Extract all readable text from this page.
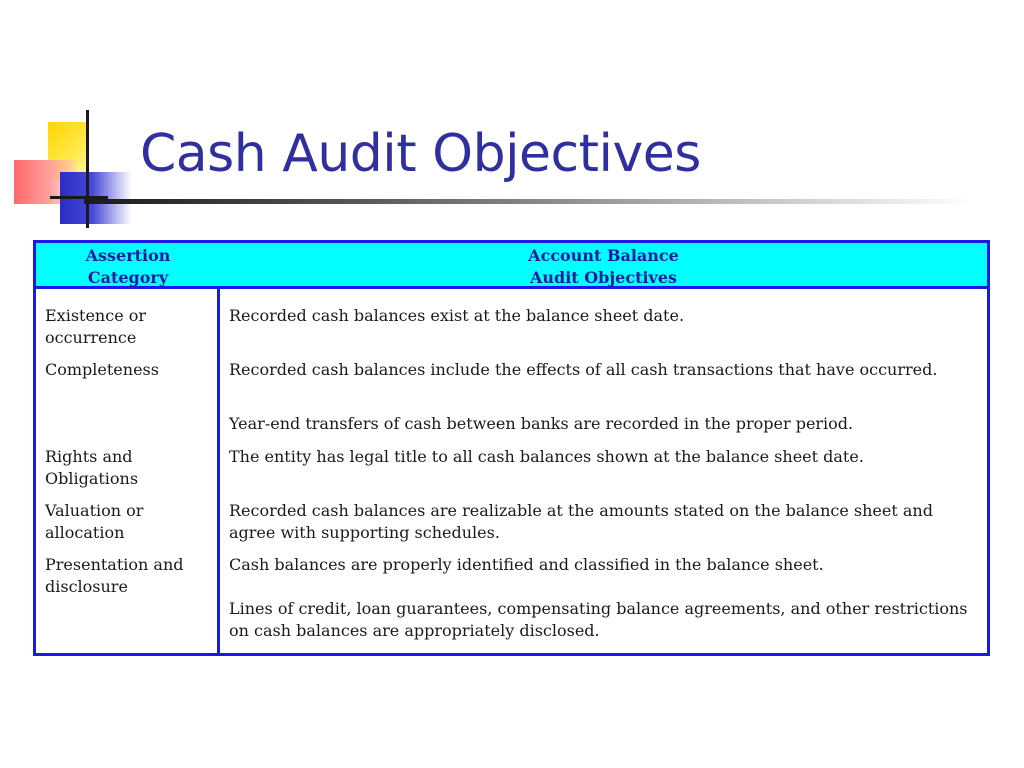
Cash Audit Objectives
Assertion
Category
Account Balance
Audit Objectives
Existence or occurrence
Completeness
Rights and Obligations
Valuation or allocation
Presentation and disclosure
Recorded cash balances exist at the balance sheet date.
Recorded cash balances include the effects of all cash transactions that have occurred.
Year-end transfers of cash between banks are recorded in the proper period.
The entity has legal title to all cash balances shown at the balance sheet date.
Recorded cash balances are realizable at the amounts stated on the balance sheet and agree with supporting schedules.
Cash balances are properly identified and classified in the balance sheet.
Lines of credit, loan guarantees, compensating balance agreements, and other restrictions on cash balances are appropriately disclosed.
